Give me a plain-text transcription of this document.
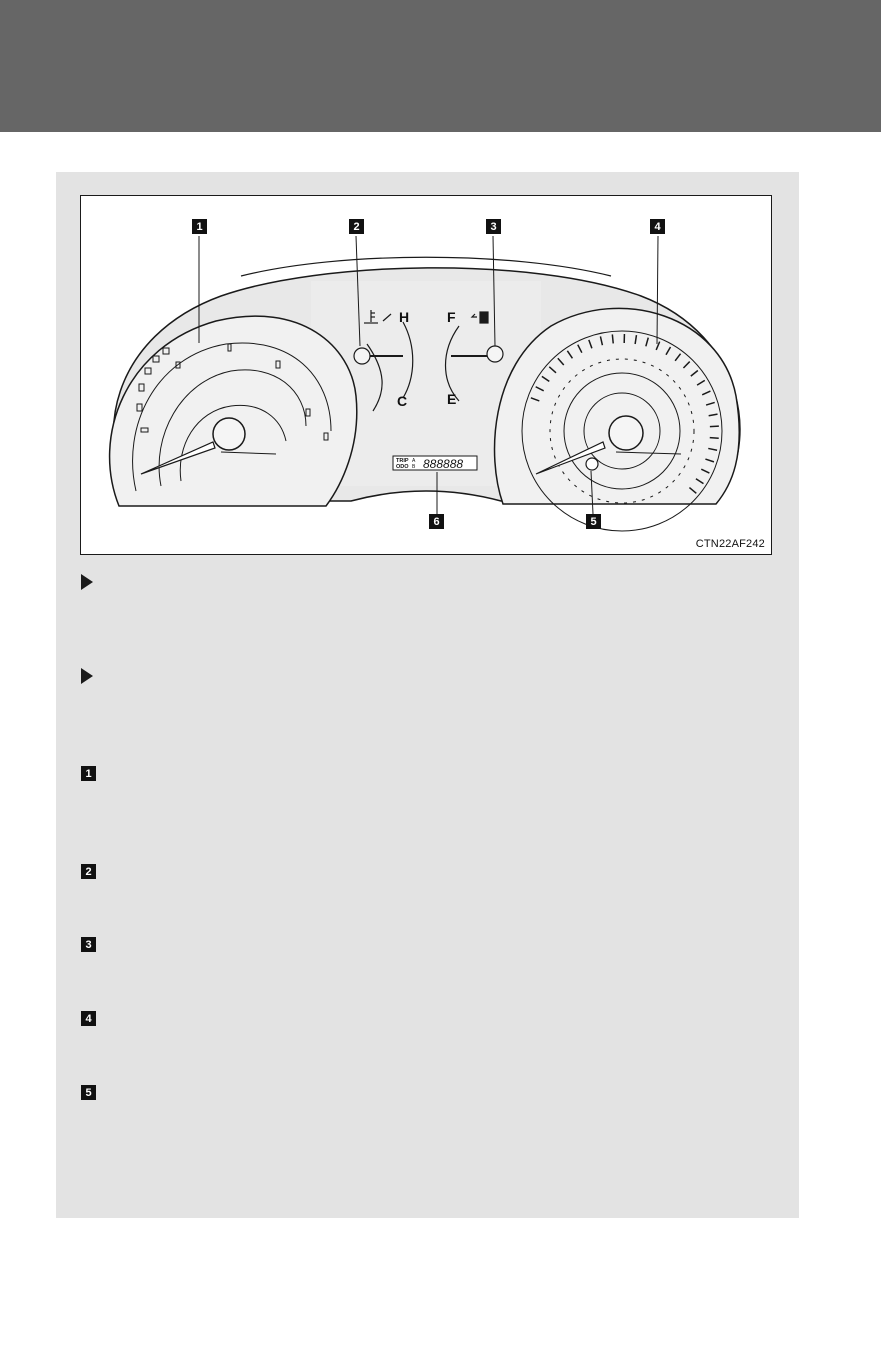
H
C
F
E
TRIP
ODO
A
B 888888
1	2	3	4
5
6
CTN22AF242
1
2
3
4
5
